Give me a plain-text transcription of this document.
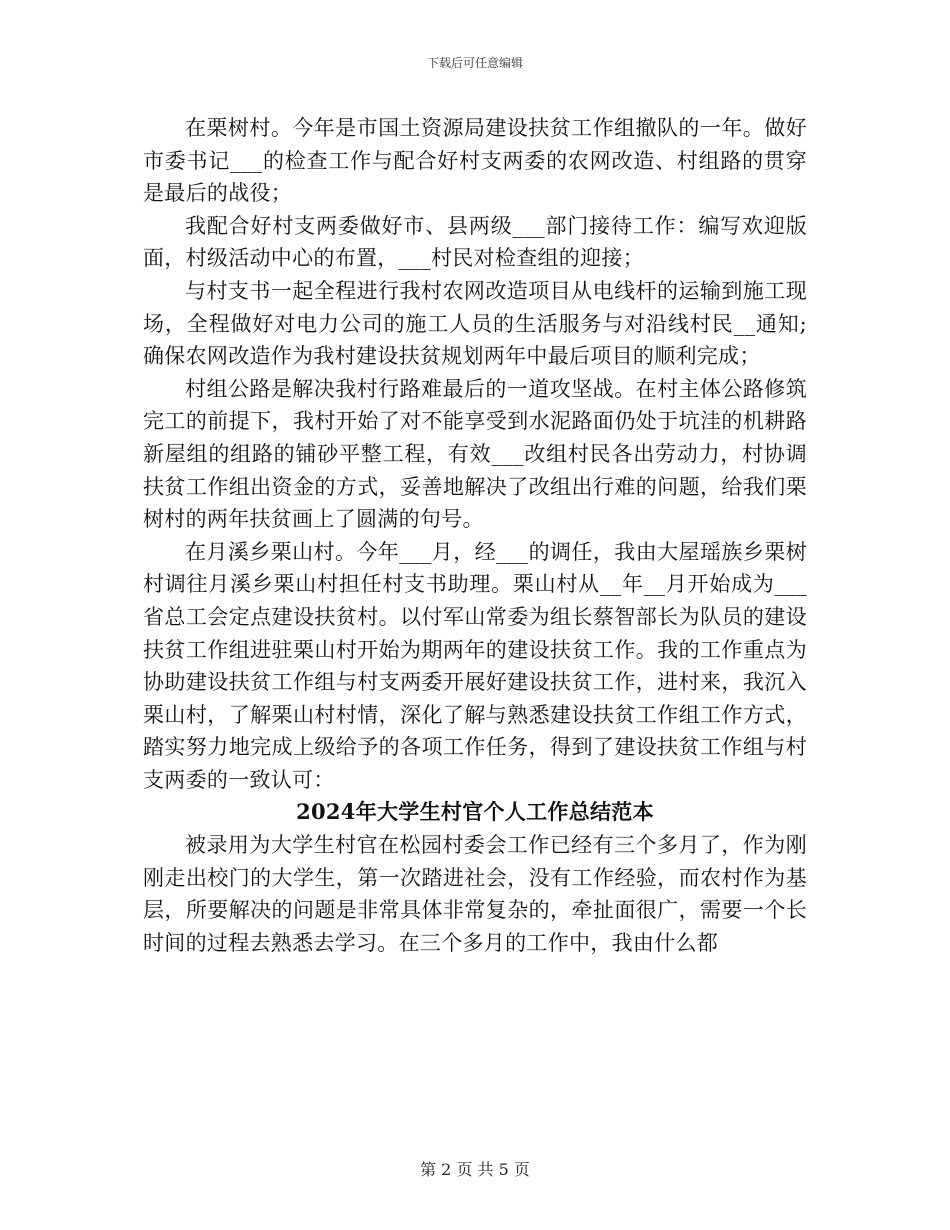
下载后可任意编辑

在栗树村。今年是市国土资源局建设扶贫工作组撤队的一年。做好市委书记___的检查工作与配合好村支两委的农网改造、村组路的贯穿是最后的战役；

我配合好村支两委做好市、县两级___部门接待工作：编写欢迎版面，村级活动中心的布置，___村民对检查组的迎接；

与村支书一起全程进行我村农网改造项目从电线杆的运输到施工现场，全程做好对电力公司的施工人员的生活服务与对沿线村民__通知;确保农网改造作为我村建设扶贫规划两年中最后项目的顺利完成；

村组公路是解决我村行路难最后的一道攻坚战。在村主体公路修筑完工的前提下，我村开始了对不能享受到水泥路面仍处于坑洼的机耕路新屋组的组路的铺砂平整工程，有效___改组村民各出劳动力，村协调扶贫工作组出资金的方式，妥善地解决了改组出行难的问题，给我们栗树村的两年扶贫画上了圆满的句号。

在月溪乡栗山村。今年___月，经___的调任，我由大屋瑶族乡栗树村调往月溪乡栗山村担任村支书助理。栗山村从__年__月开始成为___省总工会定点建设扶贫村。以付军山常委为组长蔡智部长为队员的建设扶贫工作组进驻栗山村开始为期两年的建设扶贫工作。我的工作重点为协助建设扶贫工作组与村支两委开展好建设扶贫工作，进村来，我沉入栗山村，了解栗山村村情，深化了解与熟悉建设扶贫工作组工作方式，踏实努力地完成上级给予的各项工作任务，得到了建设扶贫工作组与村支两委的一致认可：

2024年大学生村官个人工作总结范本

被录用为大学生村官在松园村委会工作已经有三个多月了，作为刚刚走出校门的大学生，第一次踏进社会，没有工作经验，而农村作为基层，所要解决的问题是非常具体非常复杂的，牵扯面很广，需要一个长时间的过程去熟悉去学习。在三个多月的工作中，我由什么都

第 2 页 共 5 页
